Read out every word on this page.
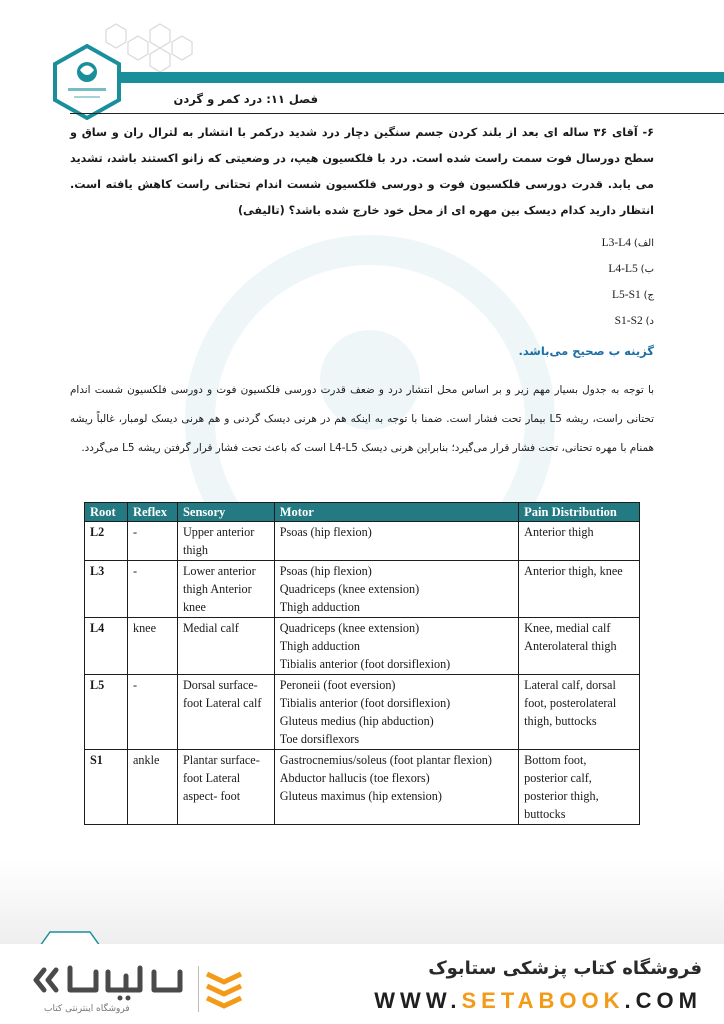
فصل ۱۱: درد کمر و گردن
۶- آقای ۳۶ ساله ای بعد از بلند کردن جسم سنگین دچار درد شدید درکمر با انتشار به لترال ران و ساق و سطح دورسال فوت سمت راست شده است. درد با فلکسیون هیپ، در وضعیتی که زانو اکستند باشد، تشدید می یابد. قدرت دورسی فلکسیون فوت و دورسی فلکسیون شست اندام تحتانی راست کاهش یافته است. انتظار دارید کدام دیسک بین مهره ای از محل خود خارج شده باشد؟ (تالیفی)
الف) L3-L4
ب) L4-L5
ج) L5-S1
د) S1-S2
گزینه ب صحیح می‌باشد.
با توجه به جدول بسیار مهم زیر و بر اساس محل انتشار درد و ضعف قدرت دورسی فلکسیون فوت و دورسی فلکسیون شست اندام تحتانی راست، ریشه L5 بیمار تحت فشار است. ضمنا با توجه به اینکه هم در هرنی دیسک گردنی و هم هرنی دیسک لومبار، غالباً ریشه همنام با مهره تحتانی، تحت فشار قرار می‌گیرد؛ بنابراین هرنی دیسک L4-L5 است که باعث تحت فشار قرار گرفتن ریشه L5 می‌گردد.
Root	Reflex	Sensory	Motor	Pain Distribution
L2	-	Upper anterior
thigh	Psoas (hip flexion)	Anterior thigh

L3	-	Lower anterior
thigh Anterior
knee	Psoas (hip flexion)
Quadriceps (knee extension)
Thigh adduction	Anterior thigh, knee

L4	knee	Medial calf	Quadriceps (knee extension)
Thigh adduction
Tibialis anterior (foot dorsiflexion)	Knee, medial calf
Anterolateral thigh

L5	-	Dorsal surface-
foot Lateral calf	Peroneii (foot eversion)
Tibialis anterior (foot dorsiflexion)
Gluteus medius (hip abduction)
Toe dorsiflexors	Lateral calf, dorsal
foot, posterolateral
thigh, buttocks

S1	ankle	Plantar surface-
foot Lateral
aspect- foot	Gastrocnemius/soleus (foot plantar flexion)
Abductor hallucis (toe flexors)
Gluteus maximus (hip extension)	Bottom foot,
posterior calf,
posterior thigh,
buttocks
فروشگاه اینترنتی کتاب
فروشگاه کتاب پزشکی ستابوک
WWW.SETABOOK.COM
